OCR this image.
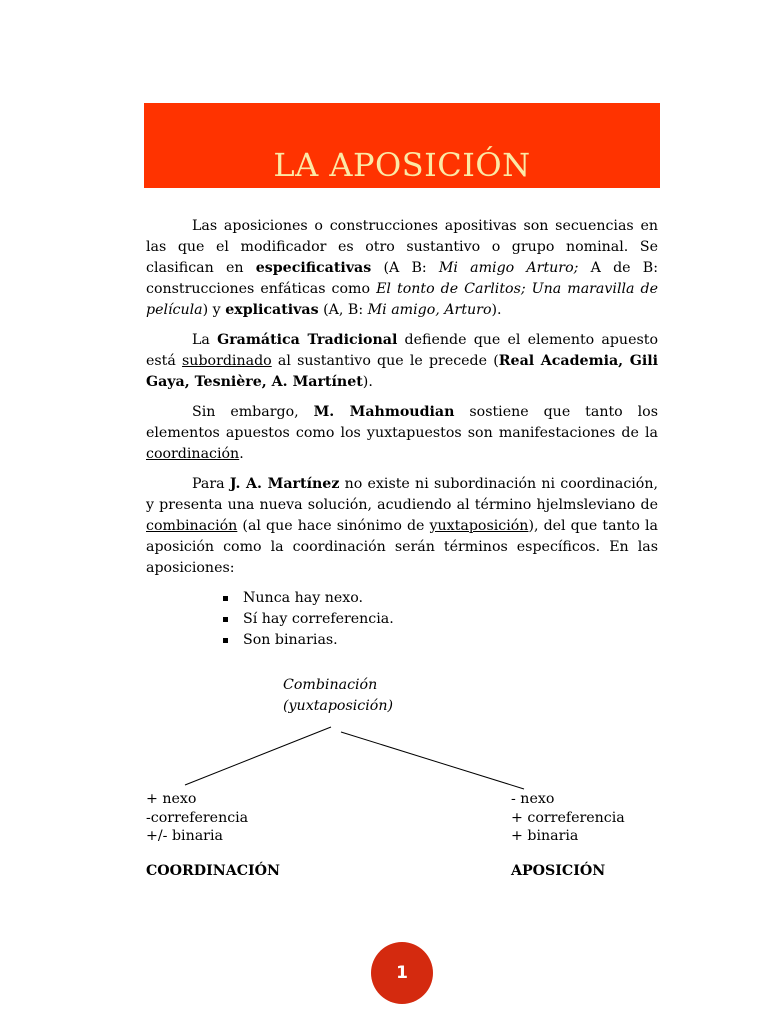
LA APOSICIÓN

Las aposiciones o construcciones apositivas son secuencias en las que el modificador es otro sustantivo o grupo nominal. Se clasifican en especificativas (A B: Mi amigo Arturo; A de B: construcciones enfáticas como El tonto de Carlitos; Una maravilla de película) y explicativas (A, B: Mi amigo, Arturo).

La Gramática Tradicional defiende que el elemento apuesto está subordinado al sustantivo que le precede (Real Academia, Gili Gaya, Tesnière, A. Martínet).

Sin embargo, M. Mahmoudian sostiene que tanto los elementos apuestos como los yuxtapuestos son manifestaciones de la coordinación.

Para J. A. Martínez no existe ni subordinación ni coordinación, y presenta una nueva solución, acudiendo al término hjelmsleviano de combinación (al que hace sinónimo de yuxtaposición), del que tanto la aposición como la coordinación serán términos específicos. En las aposiciones:

Nunca hay nexo.
Sí hay correferencia.
Son binarias.
Combinación
(yuxtaposición)
+ nexo
-correferencia
+/- binaria
- nexo
+ correferencia
+ binaria
COORDINACIÓN	APOSICIÓN
1
